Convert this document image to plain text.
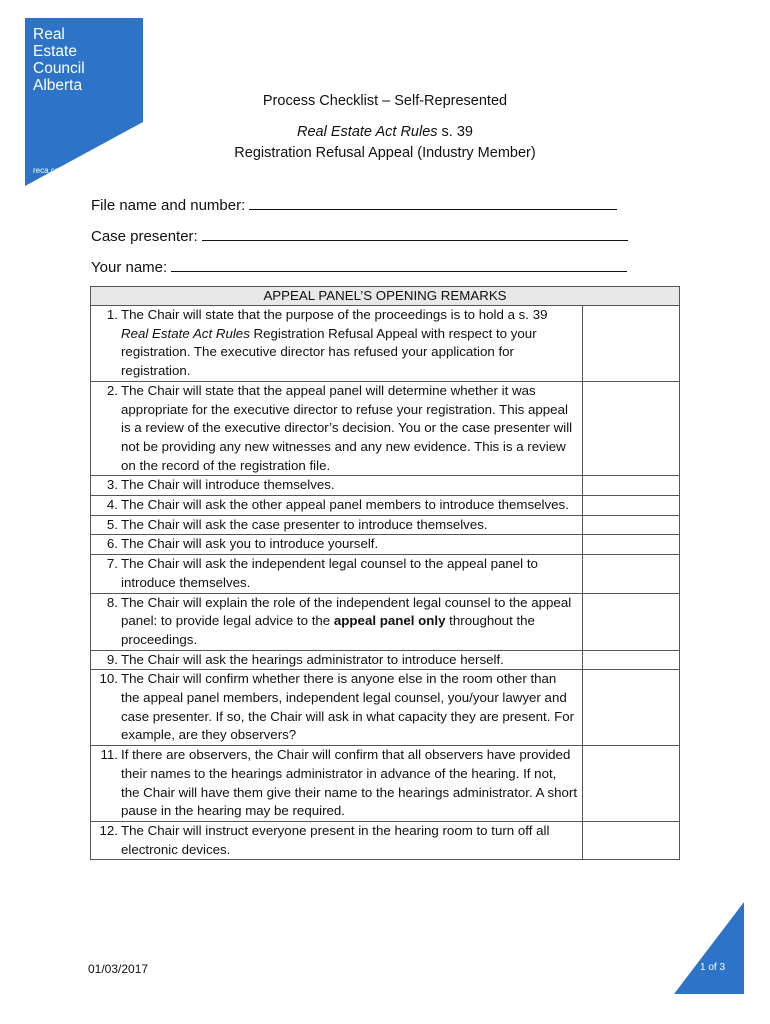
Real
Estate
Council
Alberta
reca.ca
Process Checklist – Self-Represented
Real Estate Act Rules s. 39
Registration Refusal Appeal (Industry Member)
File name and number:
Case presenter:
Your name:
APPEAL PANEL’S OPENING REMARKS	

1. The Chair will state that the purpose of the proceedings is to hold a s. 39 Real Estate Act Rules Registration Refusal Appeal with respect to your registration. The executive director has refused your application for registration.	

2. The Chair will state that the appeal panel will determine whether it was appropriate for the executive director to refuse your registration. This appeal is a review of the executive director’s decision. You or the case presenter will not be providing any new witnesses and any new evidence. This is a review on the record of the registration file.	

3. The Chair will introduce themselves.	

4. The Chair will ask the other appeal panel members to introduce themselves.	

5. The Chair will ask the case presenter to introduce themselves.	

6. The Chair will ask you to introduce yourself.	

7. The Chair will ask the independent legal counsel to the appeal panel to introduce themselves.	

8. The Chair will explain the role of the independent legal counsel to the appeal panel: to provide legal advice to the appeal panel only throughout the proceedings.	

9. The Chair will ask the hearings administrator to introduce herself.	

10. The Chair will confirm whether there is anyone else in the room other than the appeal panel members, independent legal counsel, you/your lawyer and case presenter. If so, the Chair will ask in what capacity they are present. For example, are they observers?	

11. If there are observers, the Chair will confirm that all observers have provided their names to the hearings administrator in advance of the hearing. If not, the Chair will have them give their name to the hearings administrator. A short pause in the hearing may be required.	

12. The Chair will instruct everyone present in the hearing room to turn off all electronic devices.	

01/03/2017	1 of 3
